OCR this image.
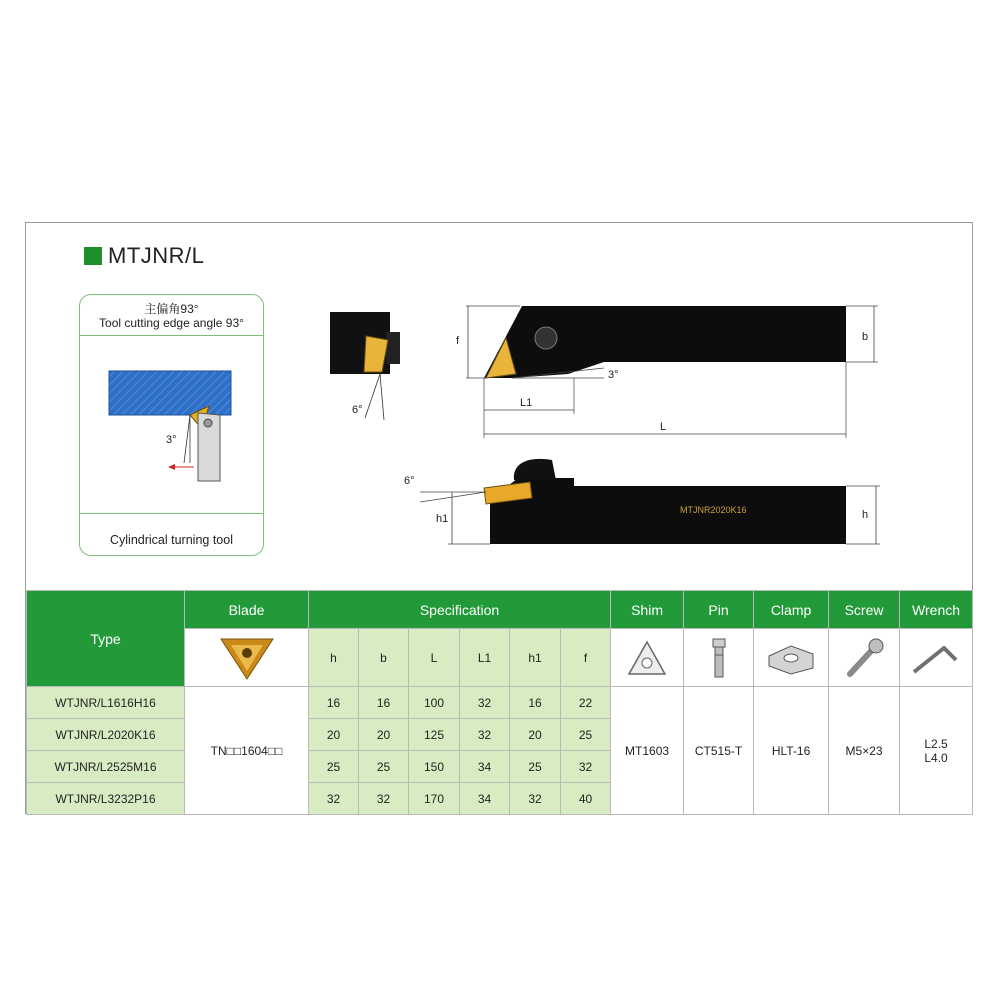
MTJNR/L
主偏角93°
Tool cutting edge angle 93°
3°
Cylindrical turning tool
6°
f	b
3°
L1
L
MTJNR2020K16
6°
h1	h
Type	Blade	Specification						Shim	Pin	Clamp	Screw	Wrench

	h	b	L	L1	h1	f	

WTJNR/L1616H16	TN□□1604□□	16	16	100	32	16	22	MT1603	CT515-T	HLT-16	M5×23	L2.5
L4.0

WTJNR/L2020K16		20	20	125	32	20	25					
WTJNR/L2525M16		25	25	150	34	25	32					
WTJNR/L3232P16		32	32	170	34	32	40					
